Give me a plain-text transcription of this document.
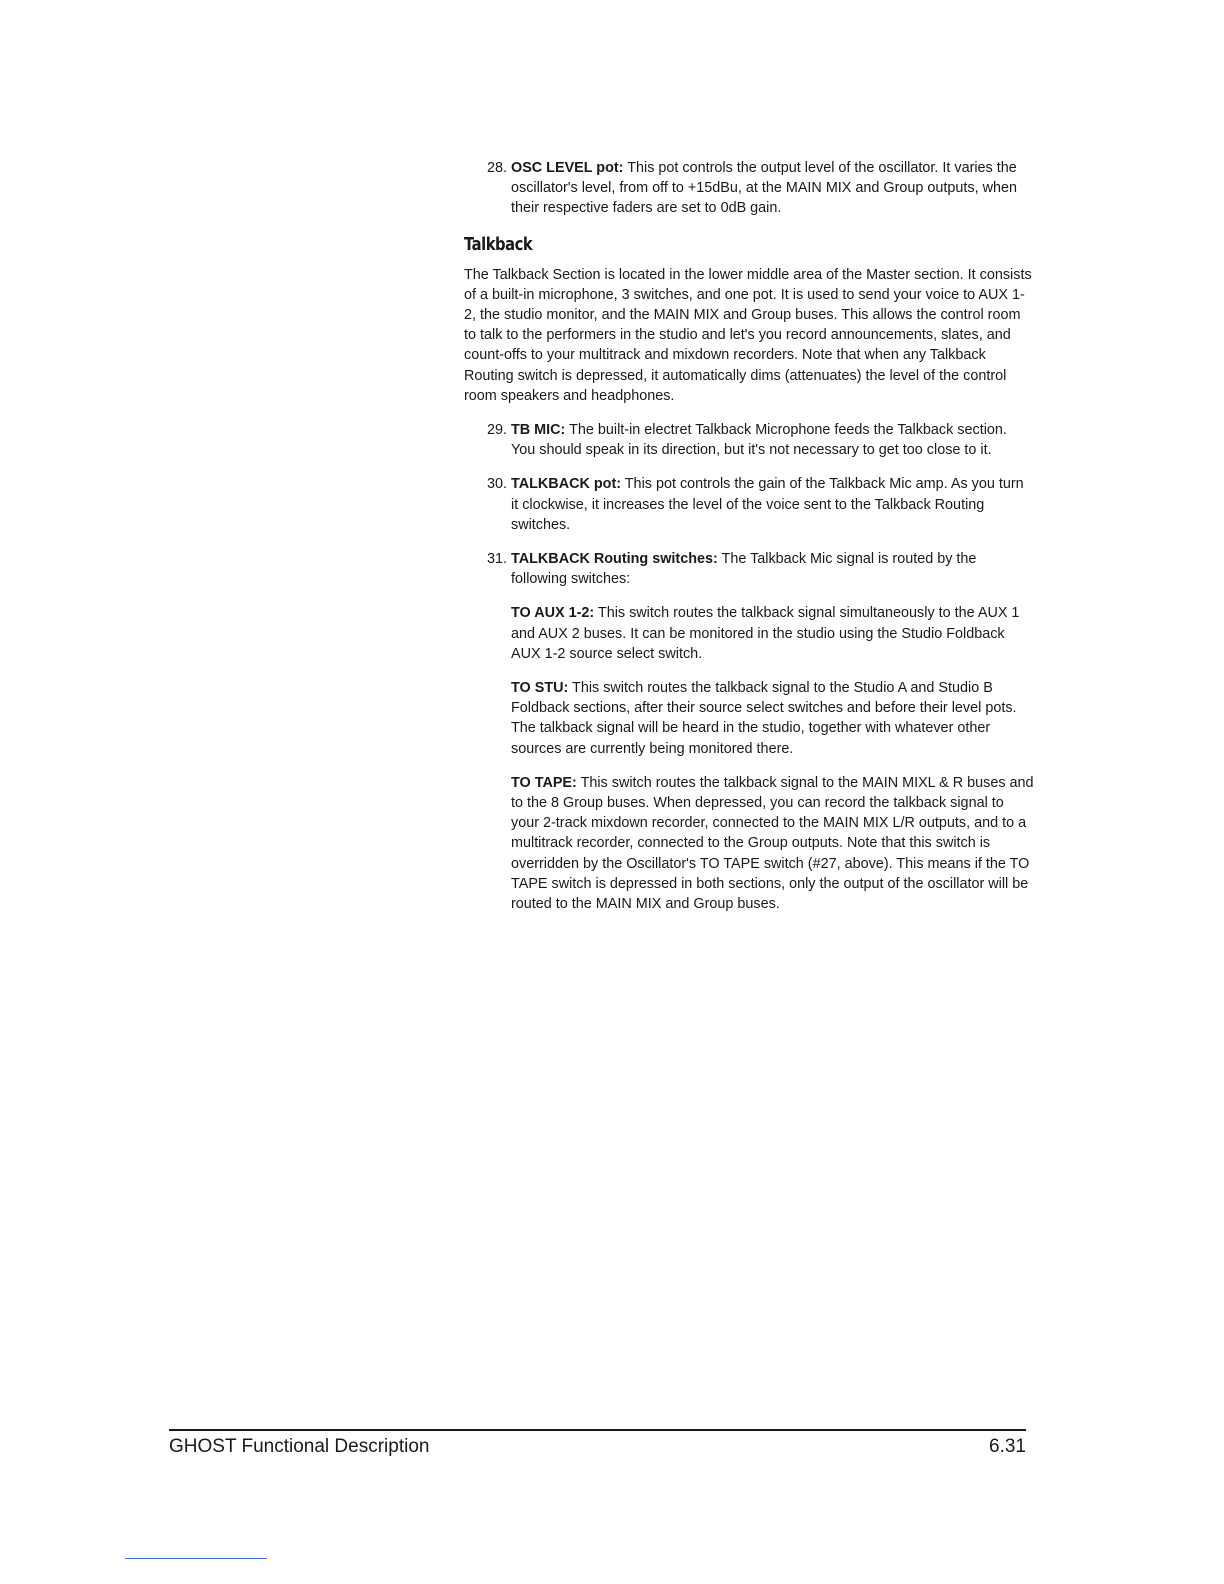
28. OSC LEVEL pot: This pot controls the output level of the oscillator. It varies the oscillator's level, from off to +15dBu, at the MAIN MIX and Group outputs, when their respective faders are set to 0dB gain.
Talkback

The Talkback Section is located in the lower middle area of the Master section. It consists of a built-in microphone, 3 switches, and one pot. It is used to send your voice to AUX 1-2, the studio monitor, and the MAIN MIX and Group buses. This allows the control room to talk to the performers in the studio and let's you record announcements, slates, and count-offs to your multitrack and mixdown recorders. Note that when any Talkback Routing switch is depressed, it automatically dims (attenuates) the level of the control room speakers and headphones.

29. TB MIC: The built-in electret Talkback Microphone feeds the Talkback section. You should speak in its direction, but it's not necessary to get too close to it.
30. TALKBACK pot: This pot controls the gain of the Talkback Mic amp. As you turn it clockwise, it increases the level of the voice sent to the Talkback Routing switches.
31. TALKBACK Routing switches: The Talkback Mic signal is routed by the following switches:
TO AUX 1-2: This switch routes the talkback signal simultaneously to the AUX 1 and AUX 2 buses. It can be monitored in the studio using the Studio Foldback AUX 1-2 source select switch.
TO STU: This switch routes the talkback signal to the Studio A and Studio B Foldback sections, after their source select switches and before their level pots. The talkback signal will be heard in the studio, together with whatever other sources are currently being monitored there.
TO TAPE: This switch routes the talkback signal to the MAIN MIXL & R buses and to the 8 Group buses. When depressed, you can record the talkback signal to your 2-track mixdown recorder, connected to the MAIN MIX L/R outputs, and to a multitrack recorder, connected to the Group outputs. Note that this switch is overridden by the Oscillator's TO TAPE switch (#27, above). This means if the TO TAPE switch is depressed in both sections, only the output of the oscillator will be routed to the MAIN MIX and Group buses.
GHOST Functional Description	6.31
